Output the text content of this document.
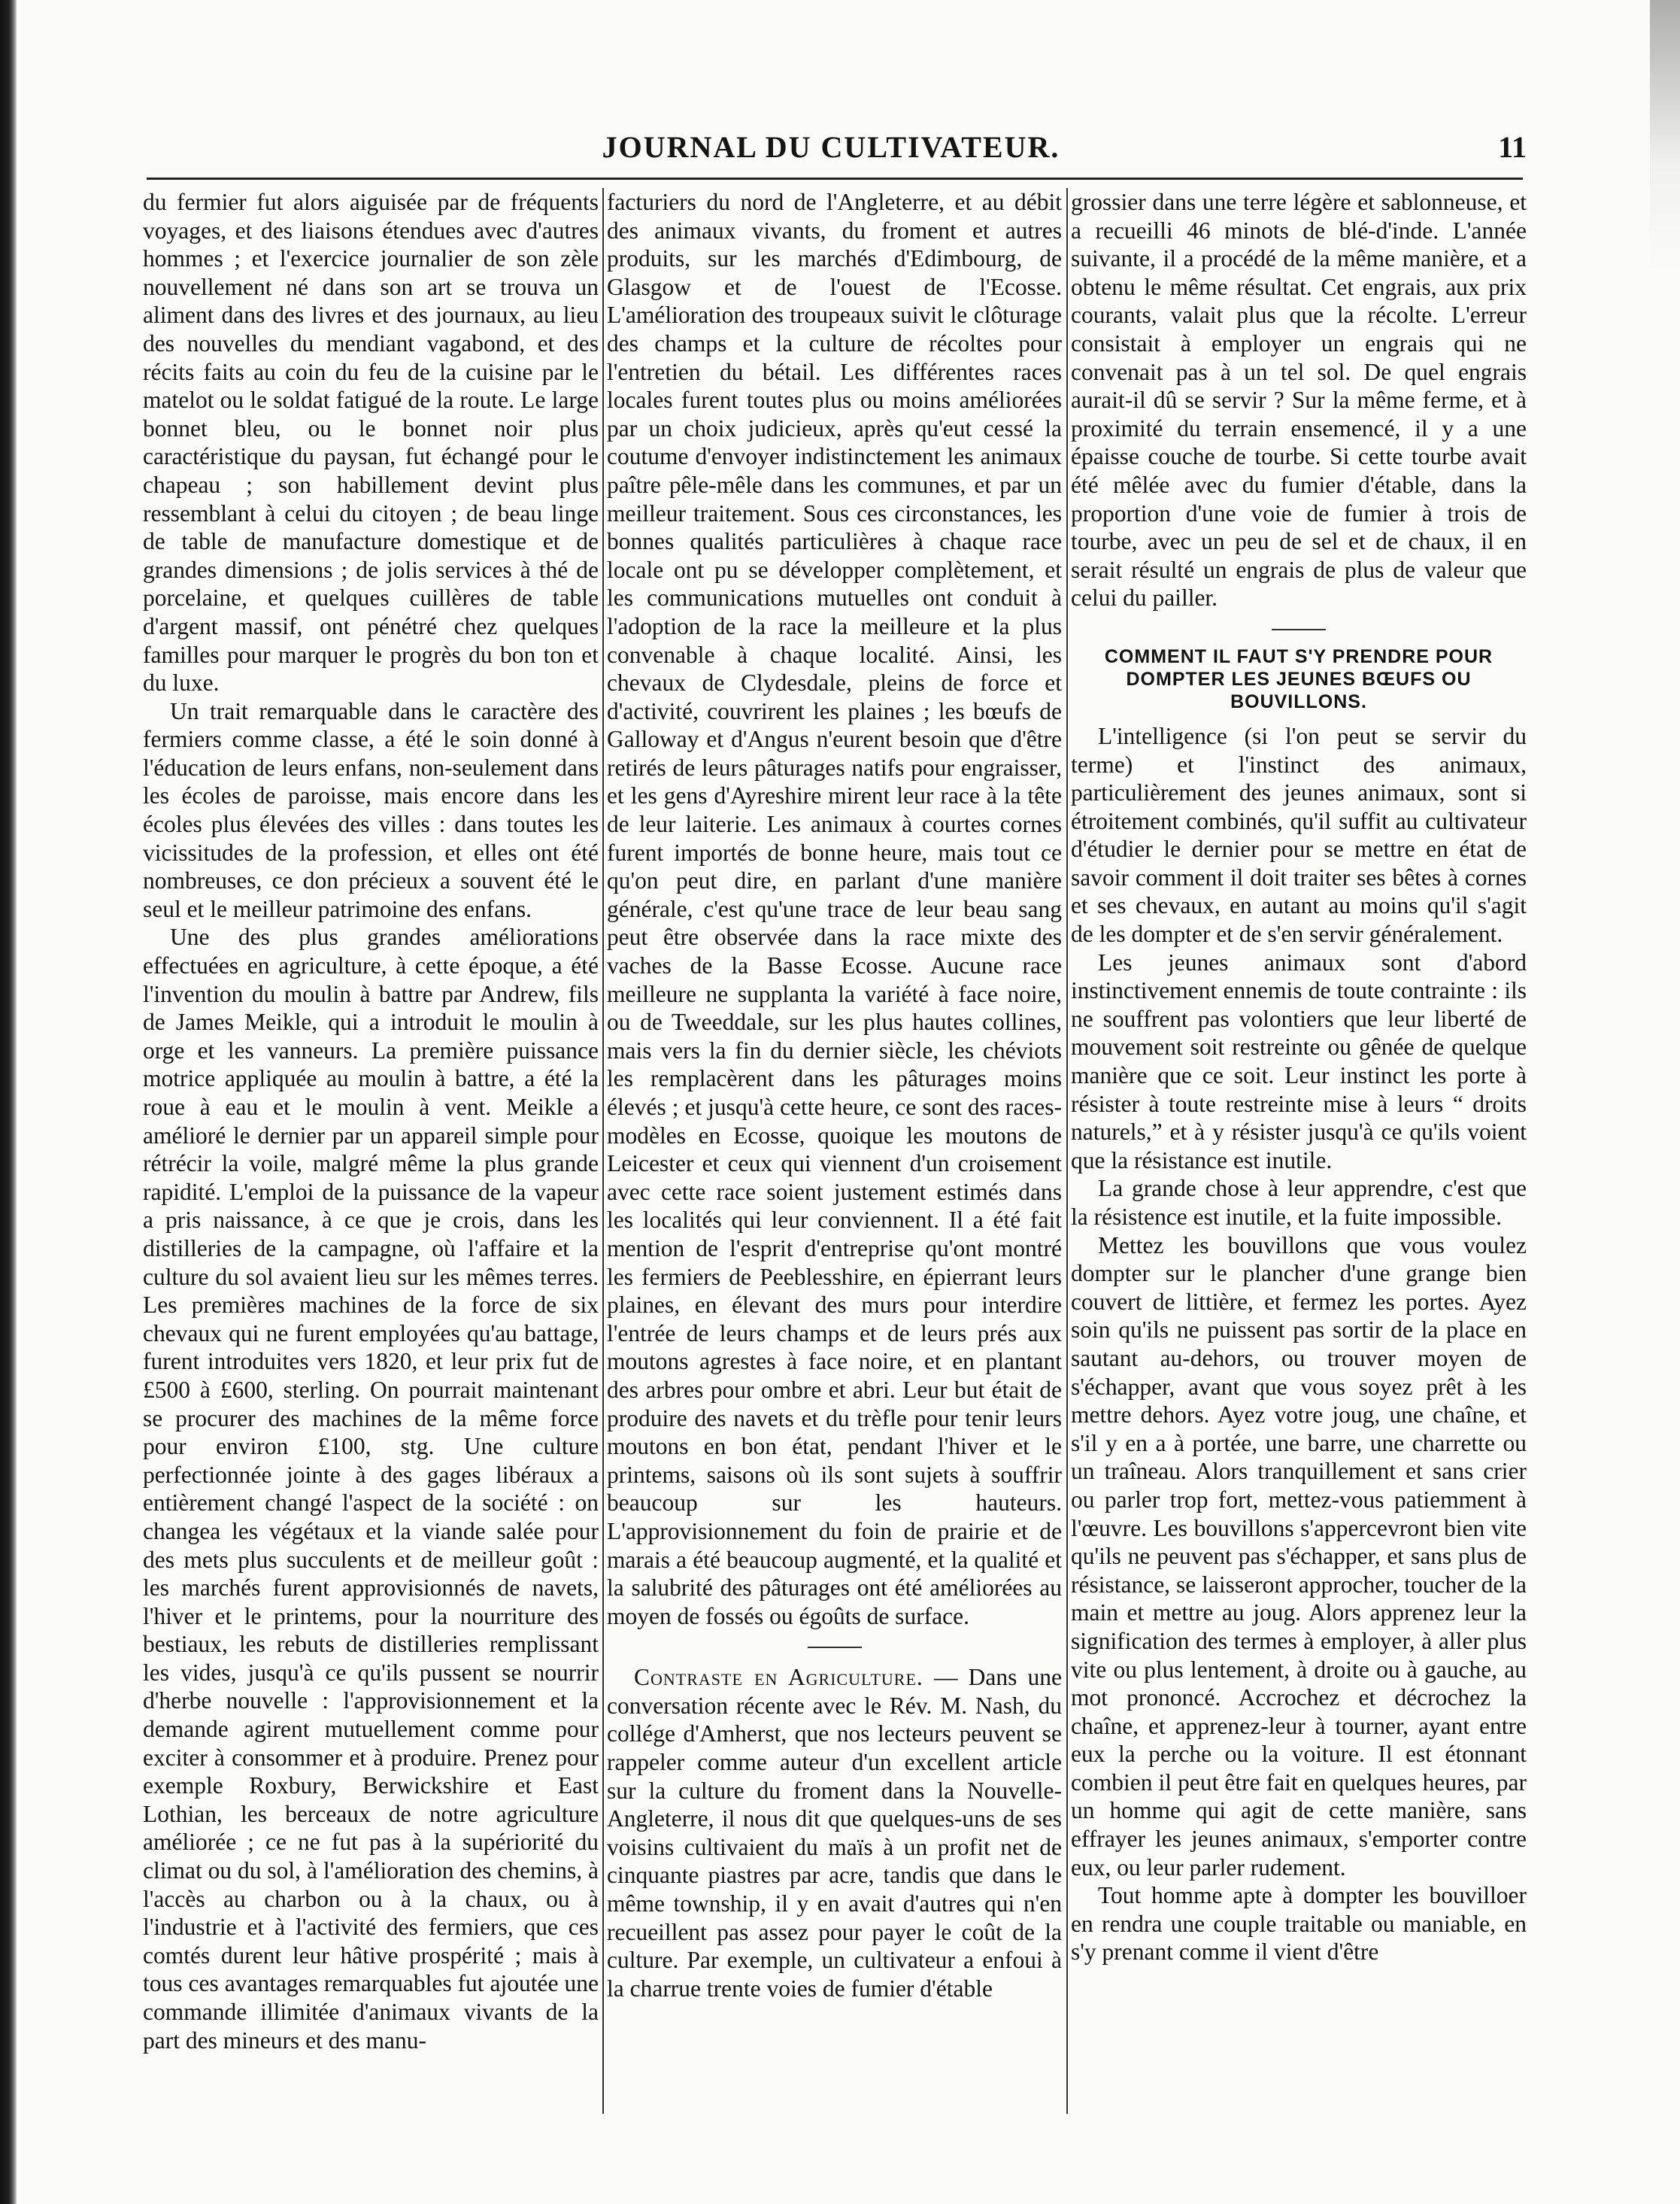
JOURNAL DU CULTIVATEUR.	11

du fermier fut alors aiguisée par de fréquents voyages, et des liaisons étendues avec d'autres hommes ; et l'exercice journalier de son zèle nouvellement né dans son art se trouva un aliment dans des livres et des journaux, au lieu des nouvelles du mendiant vagabond, et des récits faits au coin du feu de la cuisine par le matelot ou le soldat fatigué de la route. Le large bonnet bleu, ou le bonnet noir plus caractéristique du paysan, fut échangé pour le chapeau ; son habillement devint plus ressemblant à celui du citoyen ; de beau linge de table de manufacture domestique et de grandes dimensions ; de jolis services à thé de porcelaine, et quelques cuillères de table d'argent massif, ont pénétré chez quelques familles pour marquer le progrès du bon ton et du luxe.

Un trait remarquable dans le caractère des fermiers comme classe, a été le soin donné à l'éducation de leurs enfans, non-seulement dans les écoles de paroisse, mais encore dans les écoles plus élevées des villes : dans toutes les vicissitudes de la profession, et elles ont été nombreuses, ce don précieux a souvent été le seul et le meilleur patrimoine des enfans.

Une des plus grandes améliorations effectuées en agriculture, à cette époque, a été l'invention du moulin à battre par Andrew, fils de James Meikle, qui a introduit le moulin à orge et les vanneurs. La première puissance motrice appliquée au moulin à battre, a été la roue à eau et le moulin à vent. Meikle a amélioré le dernier par un appareil simple pour rétrécir la voile, malgré même la plus grande rapidité. L'emploi de la puissance de la vapeur a pris naissance, à ce que je crois, dans les distilleries de la campagne, où l'affaire et la culture du sol avaient lieu sur les mêmes terres. Les premières machines de la force de six chevaux qui ne furent employées qu'au battage, furent introduites vers 1820, et leur prix fut de £500 à £600, sterling. On pourrait maintenant se procurer des machines de la même force pour environ £100, stg. Une culture perfectionnée jointe à des gages libéraux a entièrement changé l'aspect de la société : on changea les végétaux et la viande salée pour des mets plus succulents et de meilleur goût : les marchés furent approvisionnés de navets, l'hiver et le printems, pour la nourriture des bestiaux, les rebuts de distilleries remplissant les vides, jusqu'à ce qu'ils pussent se nourrir d'herbe nouvelle : l'approvisionnement et la demande agirent mutuellement comme pour exciter à consommer et à produire. Prenez pour exemple Roxbury, Berwickshire et East Lothian, les berceaux de notre agriculture améliorée ; ce ne fut pas à la supériorité du climat ou du sol, à l'amélioration des chemins, à l'accès au charbon ou à la chaux, ou à l'industrie et à l'activité des fermiers, que ces comtés durent leur hâtive prospérité ; mais à tous ces avantages remarquables fut ajoutée une commande illimitée d'animaux vivants de la part des mineurs et des manu-

facturiers du nord de l'Angleterre, et au débit des animaux vivants, du froment et autres produits, sur les marchés d'Edimbourg, de Glasgow et de l'ouest de l'Ecosse. L'amélioration des troupeaux suivit le clôturage des champs et la culture de récoltes pour l'entretien du bétail. Les différentes races locales furent toutes plus ou moins améliorées par un choix judicieux, après qu'eut cessé la coutume d'envoyer indistinctement les animaux paître pêle-mêle dans les communes, et par un meilleur traitement. Sous ces circonstances, les bonnes qualités particulières à chaque race locale ont pu se développer complètement, et les communications mutuelles ont conduit à l'adoption de la race la meilleure et la plus convenable à chaque localité. Ainsi, les chevaux de Clydesdale, pleins de force et d'activité, couvrirent les plaines ; les bœufs de Galloway et d'Angus n'eurent besoin que d'être retirés de leurs pâturages natifs pour engraisser, et les gens d'Ayreshire mirent leur race à la tête de leur laiterie. Les animaux à courtes cornes furent importés de bonne heure, mais tout ce qu'on peut dire, en parlant d'une manière générale, c'est qu'une trace de leur beau sang peut être observée dans la race mixte des vaches de la Basse Ecosse. Aucune race meilleure ne supplanta la variété à face noire, ou de Tweeddale, sur les plus hautes collines, mais vers la fin du dernier siècle, les chéviots les remplacèrent dans les pâturages moins élevés ; et jusqu'à cette heure, ce sont des races-modèles en Ecosse, quoique les moutons de Leicester et ceux qui viennent d'un croisement avec cette race soient justement estimés dans les localités qui leur conviennent. Il a été fait mention de l'esprit d'entreprise qu'ont montré les fermiers de Peeblesshire, en épierrant leurs plaines, en élevant des murs pour interdire l'entrée de leurs champs et de leurs prés aux moutons agrestes à face noire, et en plantant des arbres pour ombre et abri. Leur but était de produire des navets et du trèfle pour tenir leurs moutons en bon état, pendant l'hiver et le printems, saisons où ils sont sujets à souffrir beaucoup sur les hauteurs. L'approvisionnement du foin de prairie et de marais a été beaucoup augmenté, et la qualité et la salubrité des pâturages ont été améliorées au moyen de fossés ou égoûts de surface.

Contraste en Agriculture. — Dans une conversation récente avec le Rév. M. Nash, du collége d'Amherst, que nos lecteurs peuvent se rappeler comme auteur d'un excellent article sur la culture du froment dans la Nouvelle-Angleterre, il nous dit que quelques-uns de ses voisins cultivaient du maïs à un profit net de cinquante piastres par acre, tandis que dans le même township, il y en avait d'autres qui n'en recueillent pas assez pour payer le coût de la culture. Par exemple, un cultivateur a enfoui à la charrue trente voies de fumier d'étable

grossier dans une terre légère et sablonneuse, et a recueilli 46 minots de blé-d'inde. L'année suivante, il a procédé de la même manière, et a obtenu le même résultat. Cet engrais, aux prix courants, valait plus que la récolte. L'erreur consistait à employer un engrais qui ne convenait pas à un tel sol. De quel engrais aurait-il dû se servir ? Sur la même ferme, et à proximité du terrain ensemencé, il y a une épaisse couche de tourbe. Si cette tourbe avait été mêlée avec du fumier d'étable, dans la proportion d'une voie de fumier à trois de tourbe, avec un peu de sel et de chaux, il en serait résulté un engrais de plus de valeur que celui du pailler.

COMMENT IL FAUT S'Y PRENDRE POUR DOMPTER LES JEUNES BŒUFS OU BOUVILLONS.

L'intelligence (si l'on peut se servir du terme) et l'instinct des animaux, particulièrement des jeunes animaux, sont si étroitement combinés, qu'il suffit au cultivateur d'étudier le dernier pour se mettre en état de savoir comment il doit traiter ses bêtes à cornes et ses chevaux, en autant au moins qu'il s'agit de les dompter et de s'en servir généralement.

Les jeunes animaux sont d'abord instinctivement ennemis de toute contrainte : ils ne souffrent pas volontiers que leur liberté de mouvement soit restreinte ou gênée de quelque manière que ce soit. Leur instinct les porte à résister à toute restreinte mise à leurs “ droits naturels,” et à y résister jusqu'à ce qu'ils voient que la résistance est inutile.

La grande chose à leur apprendre, c'est que la résistence est inutile, et la fuite impossible.

Mettez les bouvillons que vous voulez dompter sur le plancher d'une grange bien couvert de littière, et fermez les portes. Ayez soin qu'ils ne puissent pas sortir de la place en sautant au-dehors, ou trouver moyen de s'échapper, avant que vous soyez prêt à les mettre dehors. Ayez votre joug, une chaîne, et s'il y en a à portée, une barre, une charrette ou un traîneau. Alors tranquillement et sans crier ou parler trop fort, mettez-vous patiemment à l'œuvre. Les bouvillons s'appercevront bien vite qu'ils ne peuvent pas s'échapper, et sans plus de résistance, se laisseront approcher, toucher de la main et mettre au joug. Alors apprenez leur la signification des termes à employer, à aller plus vite ou plus lentement, à droite ou à gauche, au mot prononcé. Accrochez et décrochez la chaîne, et apprenez-leur à tourner, ayant entre eux la perche ou la voiture. Il est étonnant combien il peut être fait en quelques heures, par un homme qui agit de cette manière, sans effrayer les jeunes animaux, s'emporter contre eux, ou leur parler rudement.

Tout homme apte à dompter les bouvilloer en rendra une couple traitable ou maniable, en s'y prenant comme il vient d'être
